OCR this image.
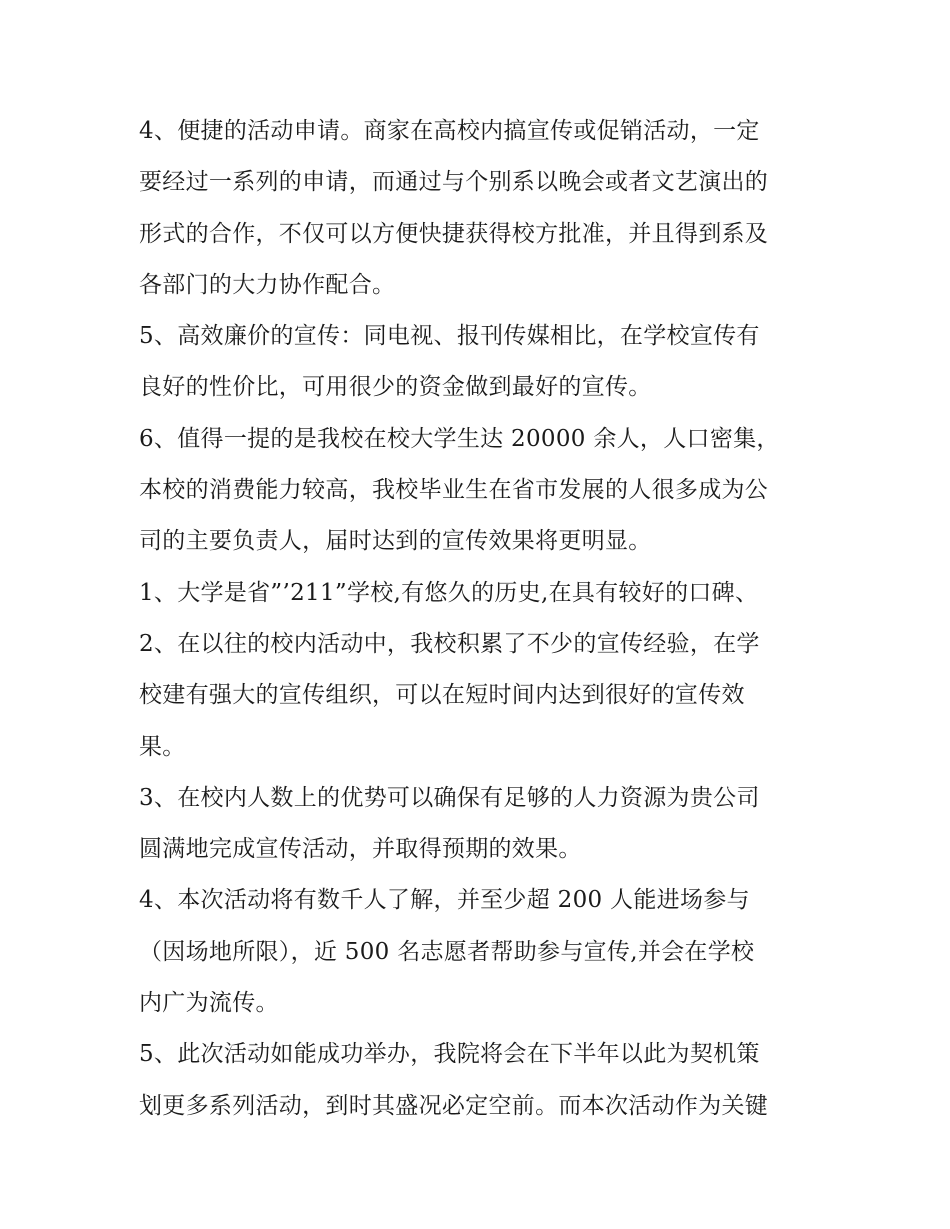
4、便捷的活动申请。商家在高校内搞宣传或促销活动，一定
要经过一系列的申请，而通过与个别系以晚会或者文艺演出的
形式的合作，不仅可以方便快捷获得校方批准，并且得到系及
各部门的大力协作配合。
5、高效廉价的宣传：同电视、报刊传媒相比，在学校宣传有
良好的性价比，可用很少的资金做到最好的宣传。
6、值得一提的是我校在校大学生达 20000 余人，人口密集，
本校的消费能力较高，我校毕业生在省市发展的人很多成为公
司的主要负责人，届时达到的宣传效果将更明显。
1、大学是省”’211”学校,有悠久的历史,在具有较好的口碑、
2、在以往的校内活动中，我校积累了不少的宣传经验，在学
校建有强大的宣传组织，可以在短时间内达到很好的宣传效
果。
3、在校内人数上的优势可以确保有足够的人力资源为贵公司
圆满地完成宣传活动，并取得预期的效果。
4、本次活动将有数千人了解，并至少超 200 人能进场参与
（因场地所限），近 500 名志愿者帮助参与宣传,并会在学校
内广为流传。
5、此次活动如能成功举办，我院将会在下半年以此为契机策
划更多系列活动，到时其盛况必定空前。而本次活动作为关键
